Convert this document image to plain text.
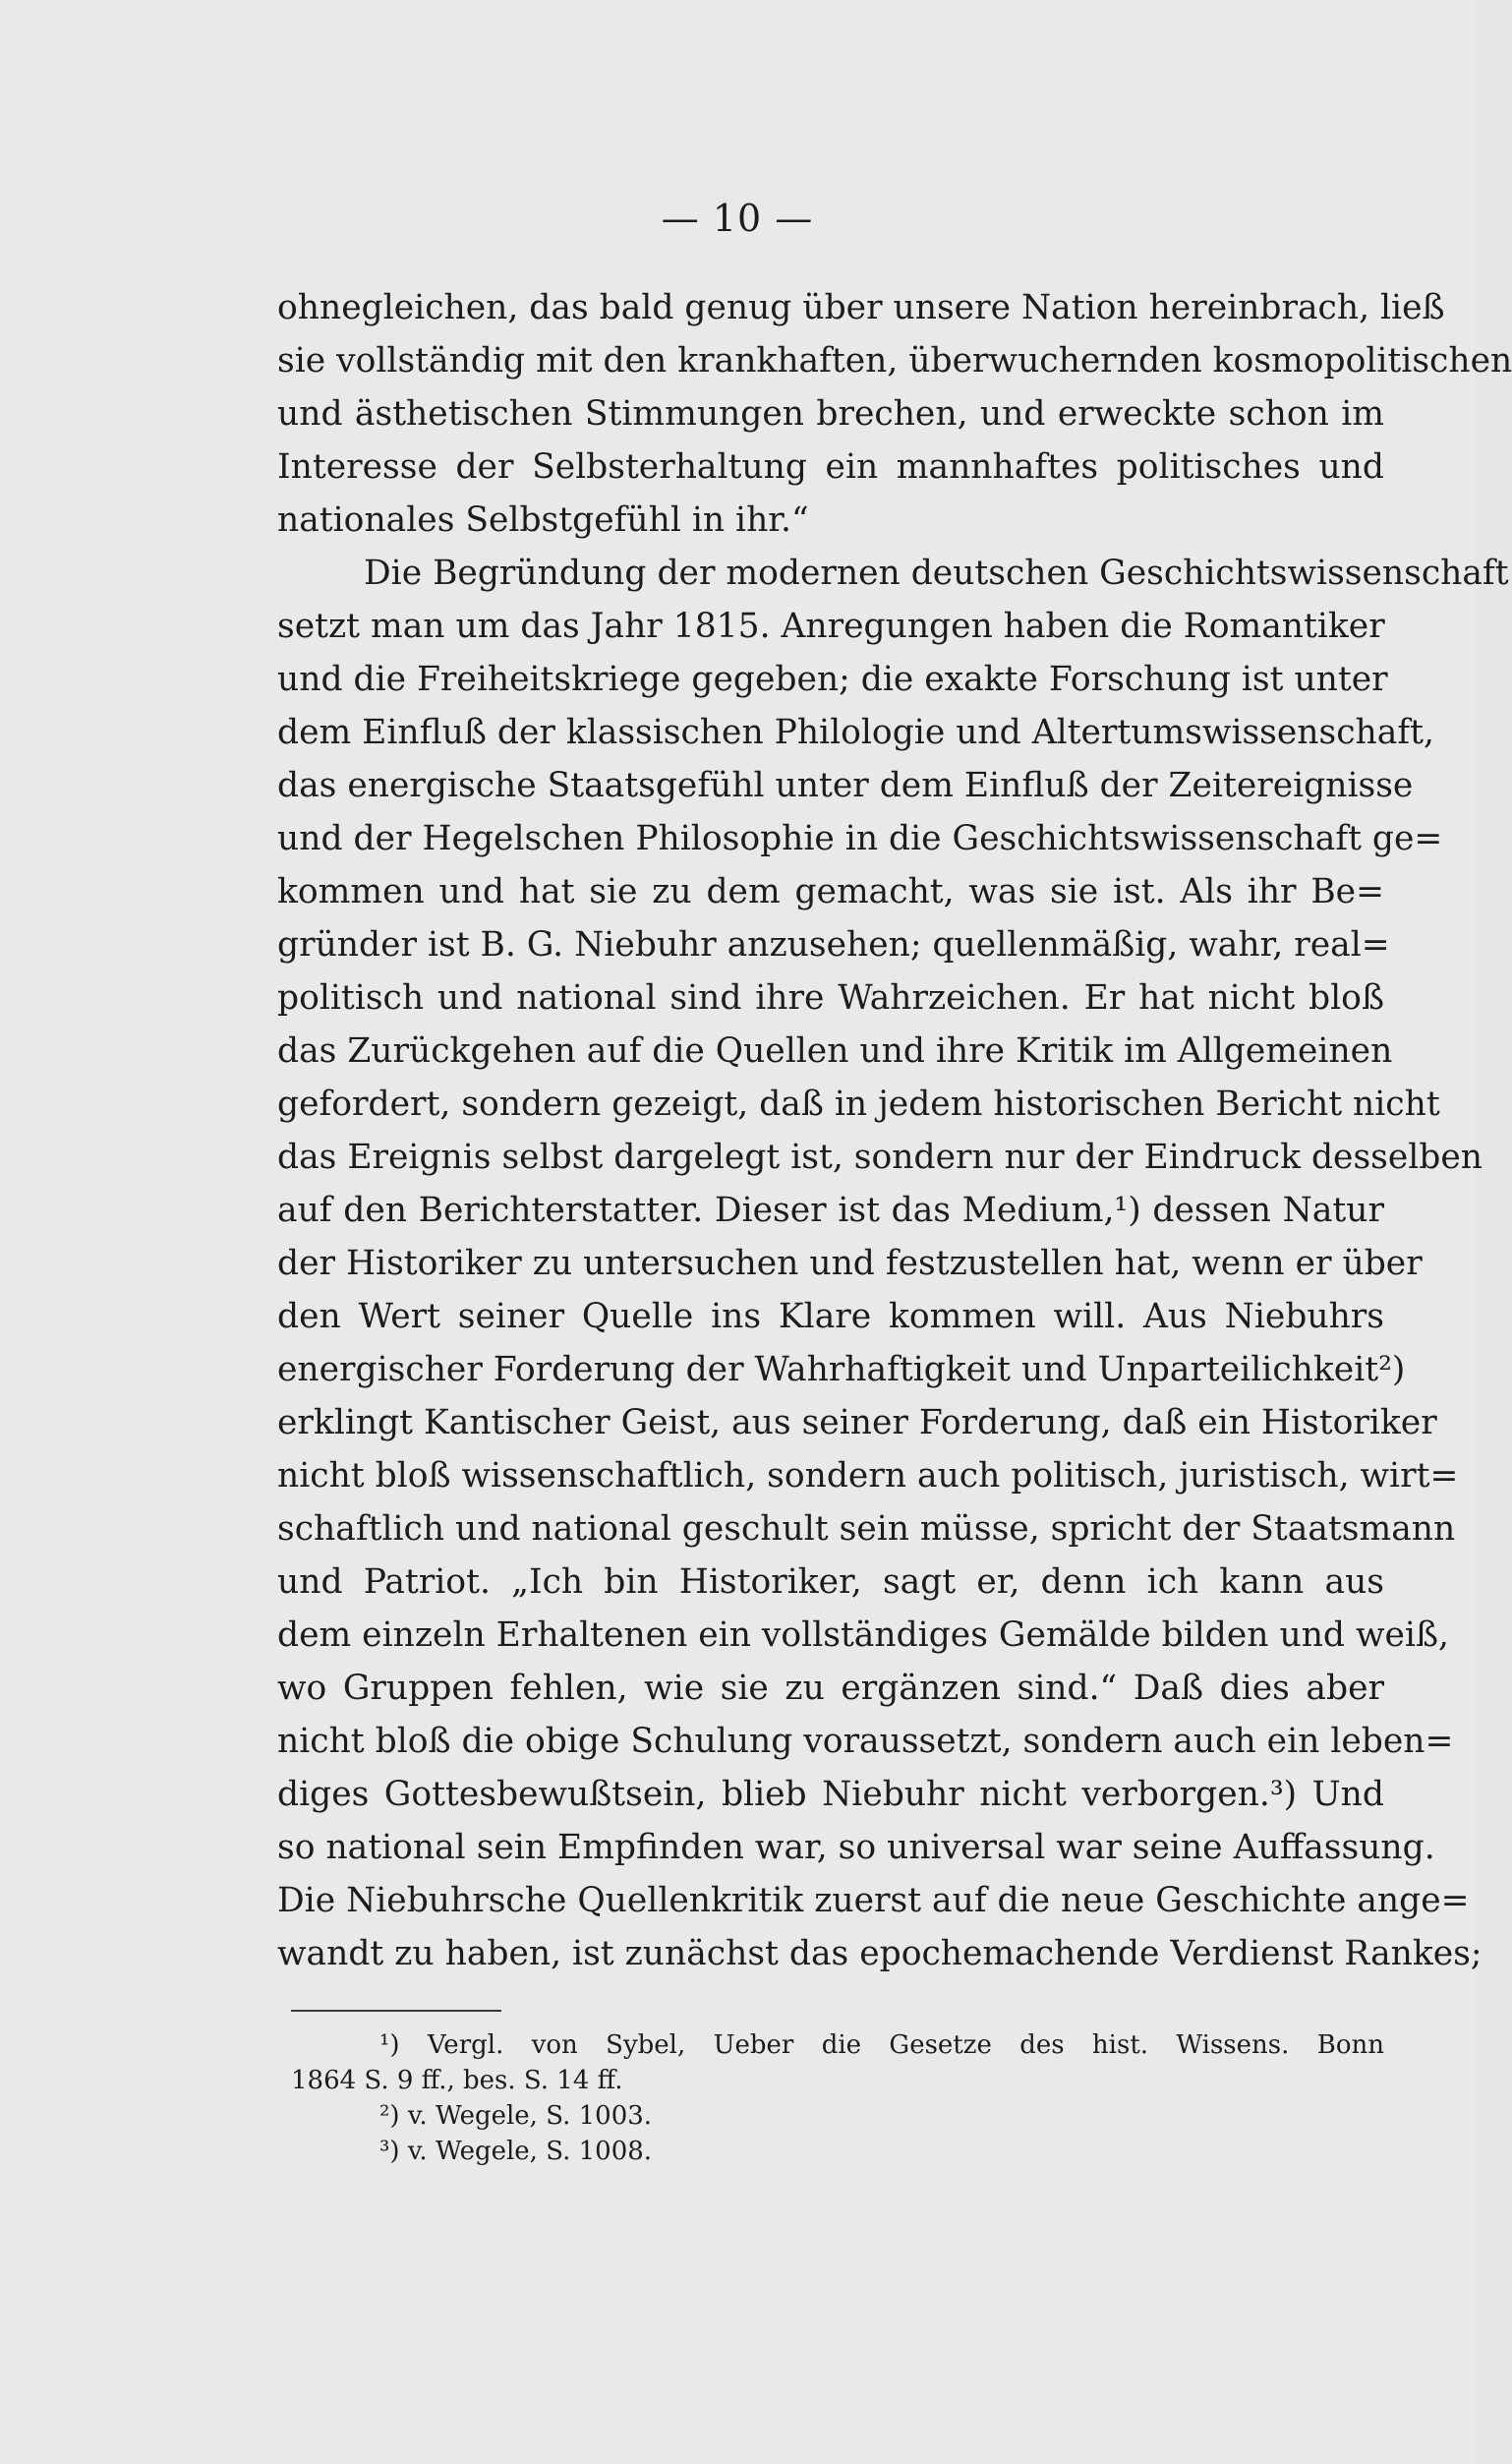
— 10 —
ohnegleichen, das bald genug über unsere Nation hereinbrach, ließ
sie vollständig mit den krankhaften, überwuchernden kosmopolitischen
und ästhetischen Stimmungen brechen, und erweckte schon im
Interesse der Selbsterhaltung ein mannhaftes politisches und
nationales Selbstgefühl in ihr.“
Die Begründung der modernen deutschen Geschichtswissenschaft
setzt man um das Jahr 1815. Anregungen haben die Romantiker
und die Freiheitskriege gegeben; die exakte Forschung ist unter
dem Einfluß der klassischen Philologie und Altertumswissenschaft,
das energische Staatsgefühl unter dem Einfluß der Zeitereignisse
und der Hegelschen Philosophie in die Geschichtswissenschaft ge=
kommen und hat sie zu dem gemacht, was sie ist. Als ihr Be=
gründer ist B. G. Niebuhr anzusehen; quellenmäßig, wahr, real=
politisch und national sind ihre Wahrzeichen. Er hat nicht bloß
das Zurückgehen auf die Quellen und ihre Kritik im Allgemeinen
gefordert, sondern gezeigt, daß in jedem historischen Bericht nicht
das Ereignis selbst dargelegt ist, sondern nur der Eindruck desselben
auf den Berichterstatter. Dieser ist das Medium,¹) dessen Natur
der Historiker zu untersuchen und festzustellen hat, wenn er über
den Wert seiner Quelle ins Klare kommen will. Aus Niebuhrs
energischer Forderung der Wahrhaftigkeit und Unparteilichkeit²)
erklingt Kantischer Geist, aus seiner Forderung, daß ein Historiker
nicht bloß wissenschaftlich, sondern auch politisch, juristisch, wirt=
schaftlich und national geschult sein müsse, spricht der Staatsmann
und Patriot. „Ich bin Historiker, sagt er, denn ich kann aus
dem einzeln Erhaltenen ein vollständiges Gemälde bilden und weiß,
wo Gruppen fehlen, wie sie zu ergänzen sind.“ Daß dies aber
nicht bloß die obige Schulung voraussetzt, sondern auch ein leben=
diges Gottesbewußtsein, blieb Niebuhr nicht verborgen.³) Und
so national sein Empfinden war, so universal war seine Auffassung.
Die Niebuhrsche Quellenkritik zuerst auf die neue Geschichte ange=
wandt zu haben, ist zunächst das epochemachende Verdienst Rankes;
¹) Vergl. von Sybel, Ueber die Gesetze des hist. Wissens. Bonn
1864 S. 9 ff., bes. S. 14 ff.
²) v. Wegele, S. 1003.
³) v. Wegele, S. 1008.
